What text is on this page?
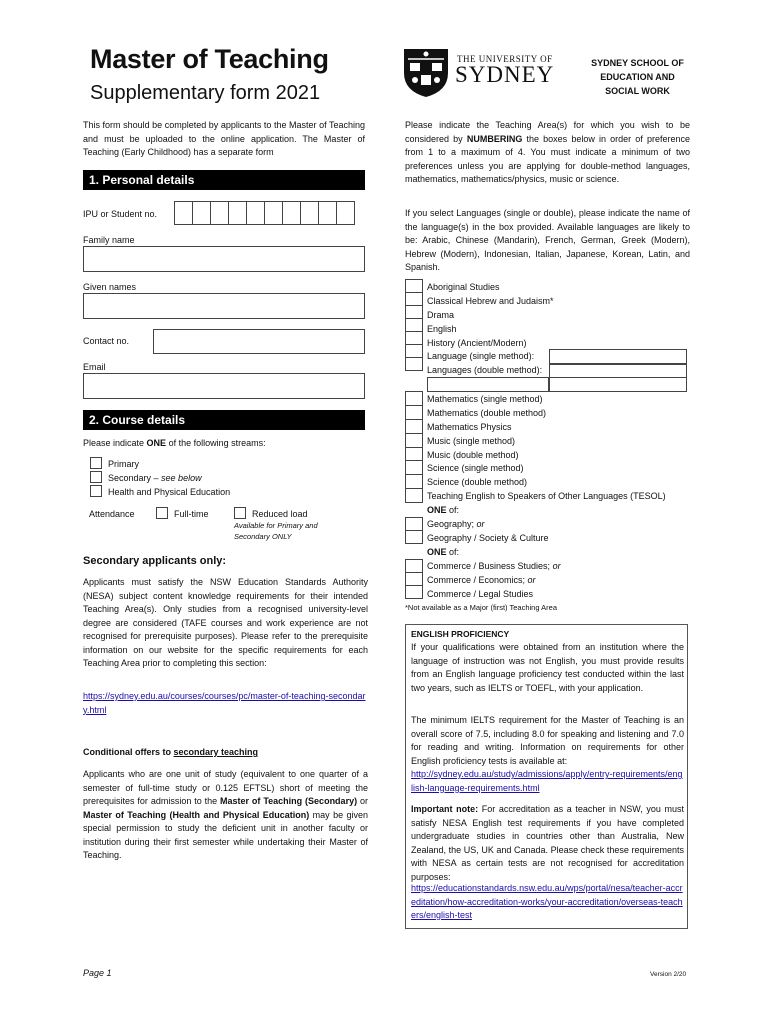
Master of Teaching
Supplementary form 2021
THE UNIVERSITY OF
SYDNEY	SYDNEY SCHOOL OF
EDUCATION AND
SOCIAL WORK
This form should be completed by applicants to the Master of Teaching and must be uploaded to the online application. The Master of Teaching (Early Childhood) has a separate form
1. Personal details
IPU or Student no.
Family name
Given names
Contact no.
Email
2. Course details
Please indicate ONE of the following streams:
Primary
Secondary – see below
Health and Physical Education
Attendance	Full-time	Reduced load
Available for Primary and
Secondary ONLY
Secondary applicants only:
Applicants must satisfy the NSW Education Standards Authority (NESA) subject content knowledge requirements for their intended Teaching Area(s). Only studies from a recognised university-level degree are considered (TAFE courses and work experience are not recognised for prerequisite purposes). Please refer to the prerequisite information on our website for the specific requirements for each Teaching Area prior to completing this section:
https://sydney.edu.au/courses/courses/pc/master-of-teaching-secondary.html
Conditional offers to secondary teaching
Applicants who are one unit of study (equivalent to one quarter of a semester of full-time study or 0.125 EFTSL) short of meeting the prerequisites for admission to the Master of Teaching (Secondary) or Master of Teaching (Health and Physical Education) may be given special permission to study the deficient unit in another faculty or institution during their first semester while undertaking their Master of Teaching.
Please indicate the Teaching Area(s) for which you wish to be considered by NUMBERING the boxes below in order of preference from 1 to a maximum of 4. You must indicate a minimum of two preferences unless you are applying for double-method languages, mathematics, mathematics/physics, music or science.
If you select Languages (single or double), please indicate the name of the language(s) in the box provided. Available languages are likely to be: Arabic, Chinese (Mandarin), French, German, Greek (Modern), Hebrew (Modern), Indonesian, Italian, Japanese, Korean, Latin, and Spanish.
Aboriginal Studies
Classical Hebrew and Judaism*
Drama
English
History (Ancient/Modern)
Language (single method):
Languages (double method):
Mathematics (single method)
Mathematics (double method)
Mathematics Physics
Music (single method)
Music (double method)
Science (single method)
Science (double method)
Teaching English to Speakers of Other Languages (TESOL)
ONE of:
Geography; or
Geography / Society & Culture
ONE of:
Commerce / Business Studies; or
Commerce / Economics; or
Commerce / Legal Studies
*Not available as a Major (first) Teaching Area
ENGLISH PROFICIENCY
If your qualifications were obtained from an institution where the language of instruction was not English, you must provide results from an English language proficiency test conducted within the last two years, such as IELTS or TOEFL, with your application.
The minimum IELTS requirement for the Master of Teaching is an overall score of 7.5, including 8.0 for speaking and listening and 7.0 for reading and writing. Information on requirements for other English proficiency tests is available at:
http://sydney.edu.au/study/admissions/apply/entry-requirements/english-language-requirements.html
Important note: For accreditation as a teacher in NSW, you must satisfy NESA English test requirements if you have completed undergraduate studies in countries other than Australia, New Zealand, the US, UK and Canada. Please check these requirements with NESA as certain tests are not recognised for accreditation purposes:
https://educationstandards.nsw.edu.au/wps/portal/nesa/teacher-accreditation/how-accreditation-works/your-accreditation/overseas-teachers/english-test
Page 1	Version 2/20
